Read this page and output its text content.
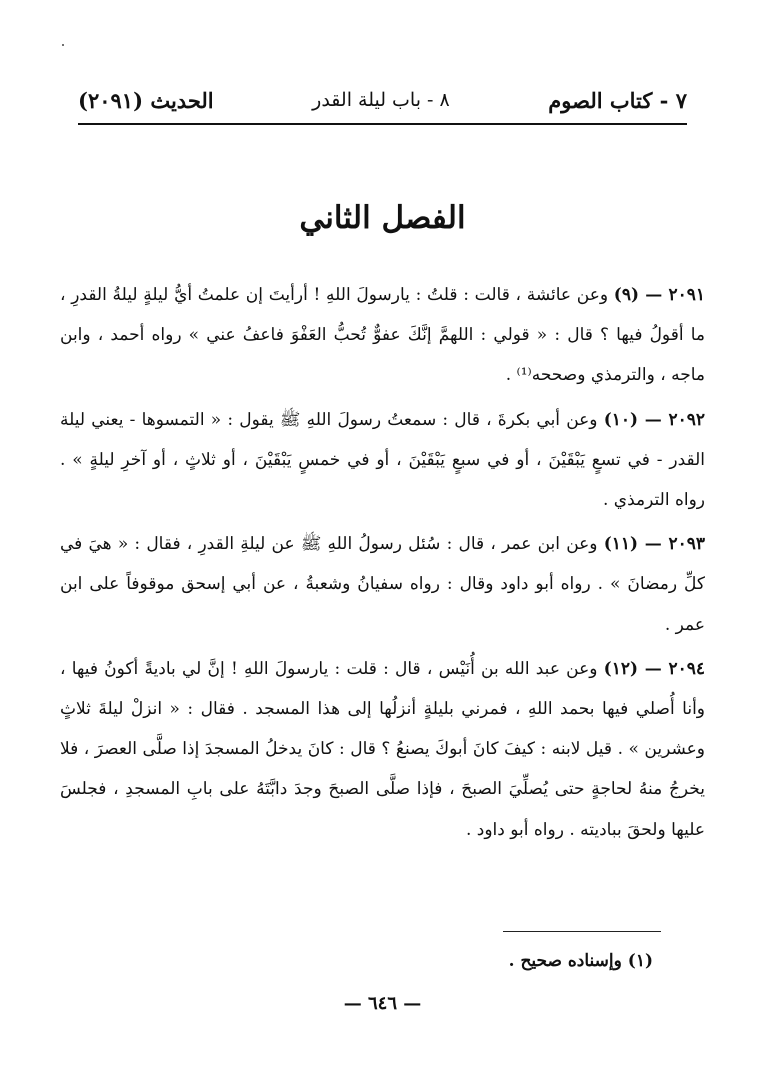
٧ - كتاب الصوم
٨ - باب ليلة القدر
الحديث (٢٠٩١)
الفصل الثاني

٢٠٩١ — (٩) وعن عائشة ، قالت : قلتُ : يارسولَ اللهِ ! أرأيتَ إن علمتُ أيُّ ليلةٍ ليلةُ القدرِ ، ما أقولُ فيها ؟ قال : « قولي : اللهمَّ إنَّكَ عفوٌّ تُحبُّ العَفْوَ فاعفُ عني » رواه أحمد ، وابن ماجه ، والترمذي وصححه⁽¹⁾ .

٢٠٩٢ — (١٠) وعن أبي بكرةَ ، قال : سمعتُ رسولَ اللهِ ﷺ يقول : « التمسوها - يعني ليلة القدر - في تسعٍ يَبْقَيْنَ ، أو في سبعٍ يَبْقَيْنَ ، أو في خمسٍ يَبْقَيْنَ ، أو ثلاثٍ ، أو آخرِ ليلةٍ » . رواه الترمذي .

٢٠٩٣ — (١١) وعن ابن عمر ، قال : سُئل رسولُ اللهِ ﷺ عن ليلةِ القدرِ ، فقال : « هيَ في كلِّ رمضانَ » . رواه أبو داود وقال : رواه سفيانُ وشعبةُ ، عن أبي إسحق موقوفاً على ابن عمر .

٢٠٩٤ — (١٢) وعن عبد الله بن أُنَيْس ، قال : قلت : يارسولَ اللهِ ! إنَّ لي باديةً أكونُ فيها ، وأنا أُصلي فيها بحمد اللهِ ، فمرني بليلةٍ أنزلُها إلى هذا المسجد . فقال : « انزلْ ليلةَ ثلاثٍ وعشرين » . قيل لابنه : كيفَ كانَ أبوكَ يصنعُ ؟ قال : كانَ يدخلُ المسجدَ إذا صلَّى العصرَ ، فلا يخرجُ منهُ لحاجةٍ حتى يُصلِّيَ الصبحَ ، فإذا صلَّى الصبحَ وجدَ دابَّتَهُ على بابِ المسجدِ ، فجلسَ عليها ولحقَ بباديته . رواه أبو داود .

(١) وإسناده صحيح .
— ٦٤٦ —
